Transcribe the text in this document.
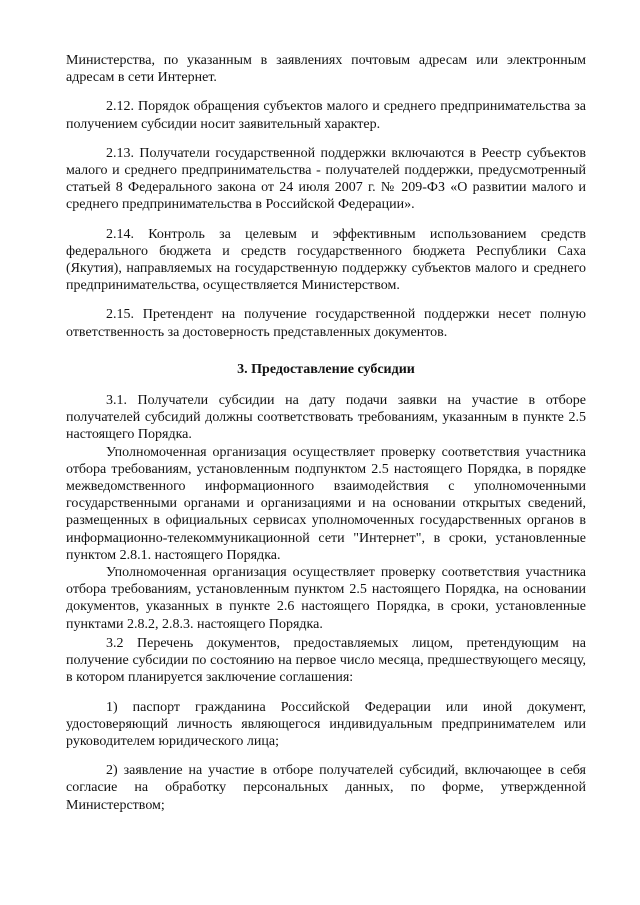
Министерства, по указанным в заявлениях почтовым адресам или электронным адресам в сети Интернет.

2.12. Порядок обращения субъектов малого и среднего предпринимательства за получением субсидии носит заявительный характер.

2.13. Получатели государственной поддержки включаются в Реестр субъектов малого и среднего предпринимательства - получателей поддержки, предусмотренный статьей 8 Федерального закона от 24 июля 2007 г. № 209-ФЗ «О развитии малого и среднего предпринимательства в Российской Федерации».

2.14. Контроль за целевым и эффективным использованием средств федерального бюджета и средств государственного бюджета Республики Саха (Якутия), направляемых на государственную поддержку субъектов малого и среднего предпринимательства, осуществляется Министерством.

2.15. Претендент на получение государственной поддержки несет полную ответственность за достоверность представленных документов.

3. Предоставление субсидии

3.1. Получатели субсидии на дату подачи заявки на участие в отборе получателей субсидий должны соответствовать требованиям, указанным в пункте 2.5 настоящего Порядка.

Уполномоченная организация осуществляет проверку соответствия участника отбора требованиям, установленным подпунктом 2.5 настоящего Порядка, в порядке межведомственного информационного взаимодействия с уполномоченными государственными органами и организациями и на основании открытых сведений, размещенных в официальных сервисах уполномоченных государственных органов в информационно-телекоммуникационной сети "Интернет", в сроки, установленные пунктом 2.8.1. настоящего Порядка.

Уполномоченная организация осуществляет проверку соответствия участника отбора требованиям, установленным пунктом 2.5 настоящего Порядка, на основании документов, указанных в пункте 2.6 настоящего Порядка, в сроки, установленные пунктами 2.8.2, 2.8.3. настоящего Порядка.

3.2 Перечень документов, предоставляемых лицом, претендующим на получение субсидии по состоянию на первое число месяца, предшествующего месяцу, в котором планируется заключение соглашения:

1) паспорт гражданина Российской Федерации или иной документ, удостоверяющий личность являющегося индивидуальным предпринимателем или руководителем юридического лица;

2) заявление на участие в отборе получателей субсидий, включающее в себя согласие на обработку персональных данных, по форме, утвержденной Министерством;
